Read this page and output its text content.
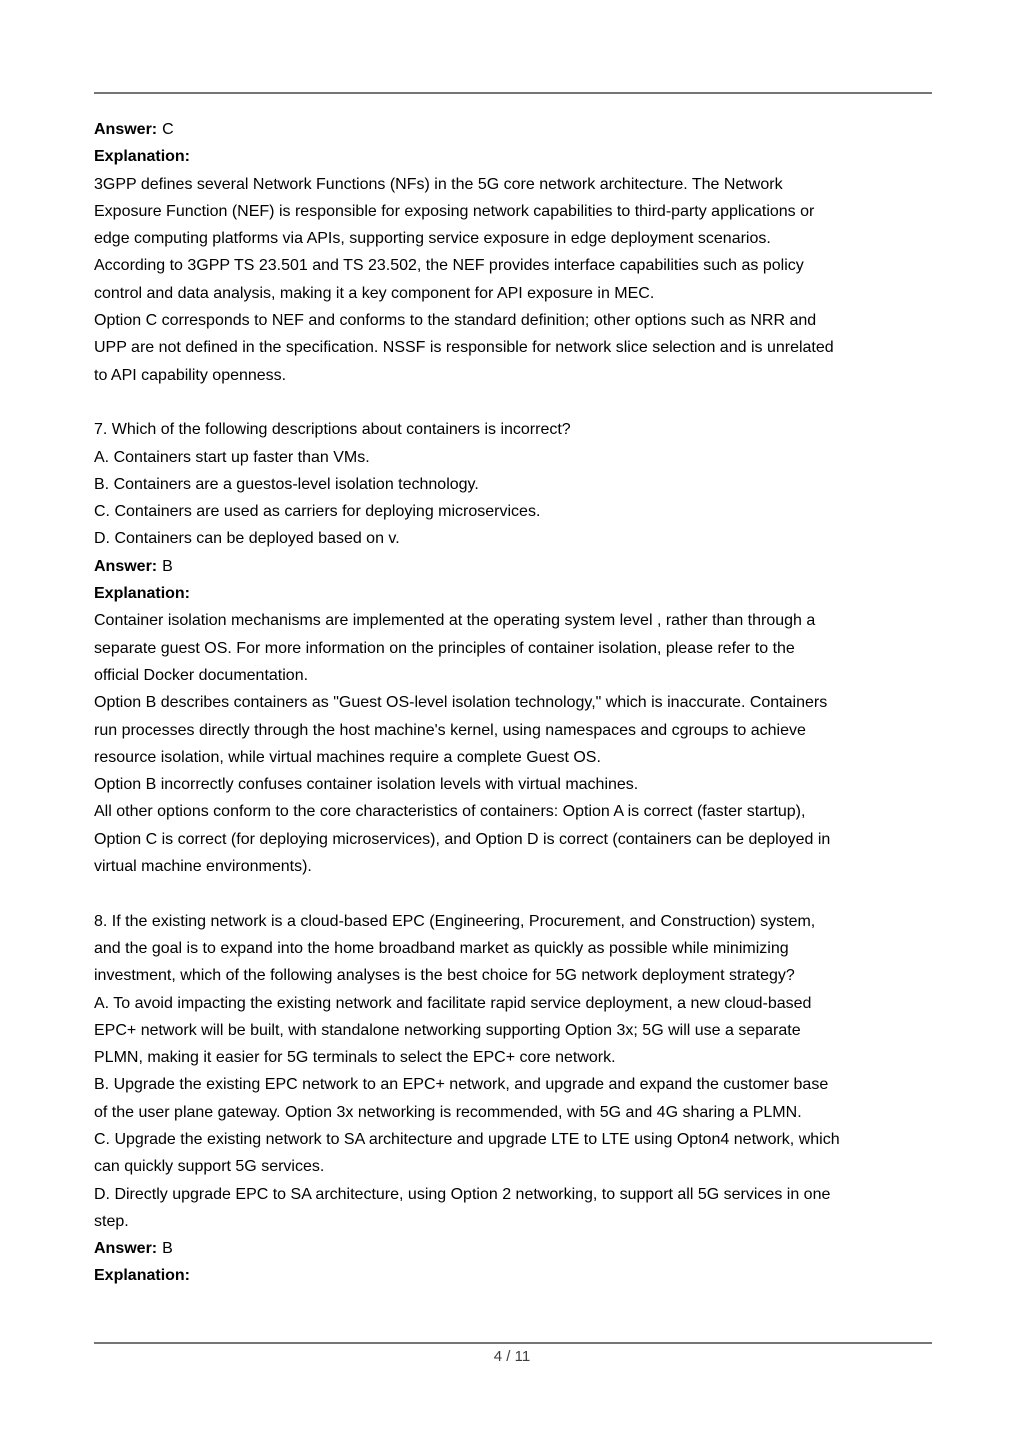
Answer: C
Explanation:
3GPP defines several Network Functions (NFs) in the 5G core network architecture. The Network
Exposure Function (NEF) is responsible for exposing network capabilities to third-party applications or
edge computing platforms via APIs, supporting service exposure in edge deployment scenarios.
According to 3GPP TS 23.501 and TS 23.502, the NEF provides interface capabilities such as policy
control and data analysis, making it a key component for API exposure in MEC.
Option C corresponds to NEF and conforms to the standard definition; other options such as NRR and
UPP are not defined in the specification. NSSF is responsible for network slice selection and is unrelated
to API capability openness.
7. Which of the following descriptions about containers is incorrect?
A. Containers start up faster than VMs.
B. Containers are a guestos-level isolation technology.
C. Containers are used as carriers for deploying microservices.
D. Containers can be deployed based on v.
Answer: B
Explanation:
Container isolation mechanisms are implemented at the operating system level , rather than through a
separate guest OS. For more information on the principles of container isolation, please refer to the
official Docker documentation.
Option B describes containers as "Guest OS-level isolation technology," which is inaccurate. Containers
run processes directly through the host machine's kernel, using namespaces and cgroups to achieve
resource isolation, while virtual machines require a complete Guest OS.
Option B incorrectly confuses container isolation levels with virtual machines.
All other options conform to the core characteristics of containers: Option A is correct (faster startup),
Option C is correct (for deploying microservices), and Option D is correct (containers can be deployed in
virtual machine environments).
8. If the existing network is a cloud-based EPC (Engineering, Procurement, and Construction) system,
and the goal is to expand into the home broadband market as quickly as possible while minimizing
investment, which of the following analyses is the best choice for 5G network deployment strategy?
A. To avoid impacting the existing network and facilitate rapid service deployment, a new cloud-based
EPC+ network will be built, with standalone networking supporting Option 3x; 5G will use a separate
PLMN, making it easier for 5G terminals to select the EPC+ core network.
B. Upgrade the existing EPC network to an EPC+ network, and upgrade and expand the customer base
of the user plane gateway. Option 3x networking is recommended, with 5G and 4G sharing a PLMN.
C. Upgrade the existing network to SA architecture and upgrade LTE to LTE using Opton4 network, which
can quickly support 5G services.
D. Directly upgrade EPC to SA architecture, using Option 2 networking, to support all 5G services in one
step.
Answer: B
Explanation:
4 / 11
